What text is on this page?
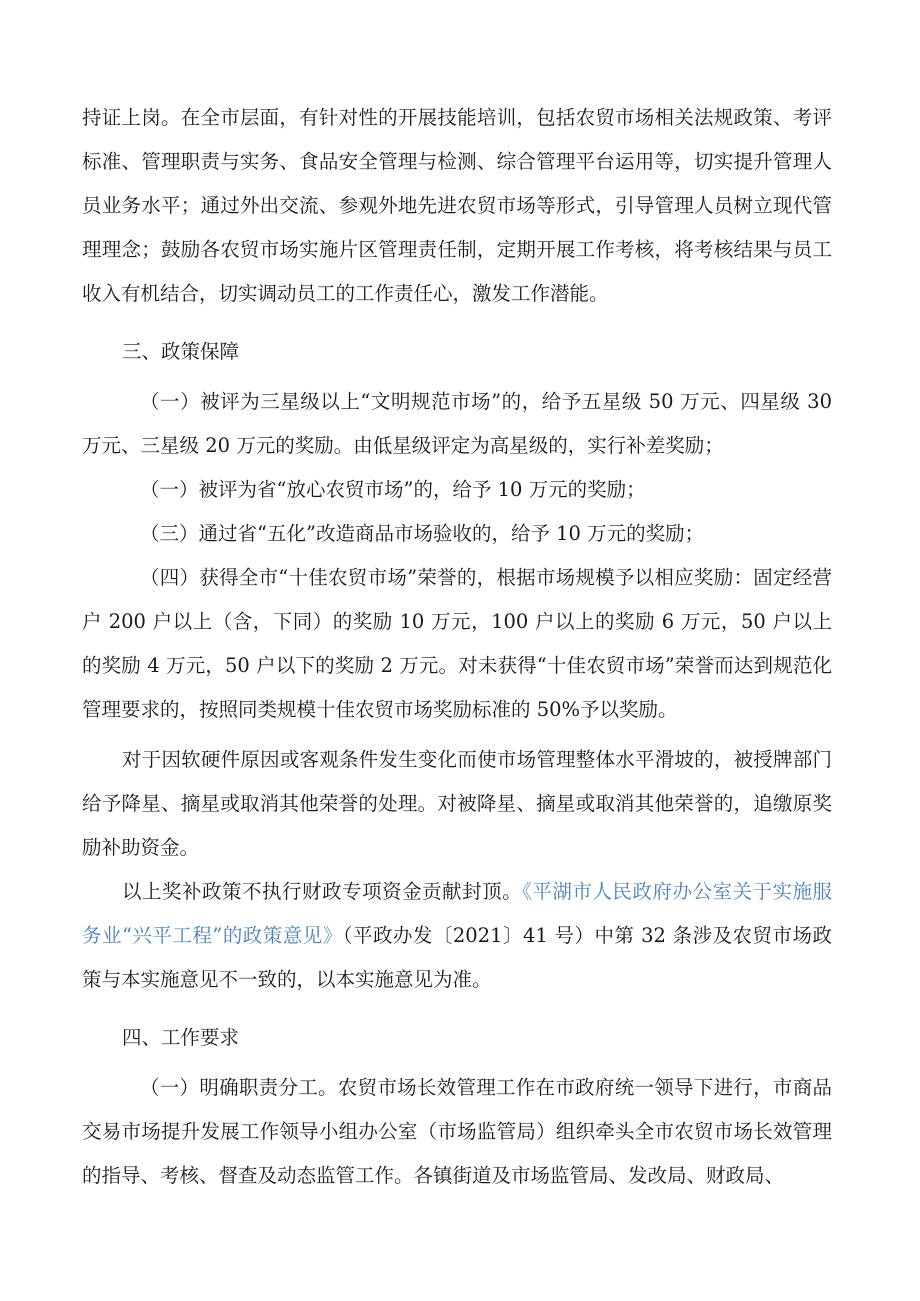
持证上岗。在全市层面，有针对性的开展技能培训，包括农贸市场相关法规政策、考评标准、管理职责与实务、食品安全管理与检测、综合管理平台运用等，切实提升管理人员业务水平；通过外出交流、参观外地先进农贸市场等形式，引导管理人员树立现代管理理念；鼓励各农贸市场实施片区管理责任制，定期开展工作考核，将考核结果与员工收入有机结合，切实调动员工的工作责任心，激发工作潜能。

三、政策保障

（一）被评为三星级以上“文明规范市场”的，给予五星级 50 万元、四星级 30 万元、三星级 20 万元的奖励。由低星级评定为高星级的，实行补差奖励；

（一）被评为省“放心农贸市场”的，给予 10 万元的奖励；

（三）通过省“五化”改造商品市场验收的，给予 10 万元的奖励；

（四）获得全市“十佳农贸市场”荣誉的，根据市场规模予以相应奖励：固定经营户 200 户以上（含，下同）的奖励 10 万元，100 户以上的奖励 6 万元，50 户以上的奖励 4 万元，50 户以下的奖励 2 万元。对未获得“十佳农贸市场”荣誉而达到规范化管理要求的，按照同类规模十佳农贸市场奖励标准的 50%予以奖励。

对于因软硬件原因或客观条件发生变化而使市场管理整体水平滑坡的，被授牌部门给予降星、摘星或取消其他荣誉的处理。对被降星、摘星或取消其他荣誉的，追缴原奖励补助资金。

以上奖补政策不执行财政专项资金贡献封顶。《平湖市人民政府办公室关于实施服务业“兴平工程”的政策意见》（平政办发〔2021〕41 号）中第 32 条涉及农贸市场政策与本实施意见不一致的，以本实施意见为准。

四、工作要求

（一）明确职责分工。农贸市场长效管理工作在市政府统一领导下进行，市商品交易市场提升发展工作领导小组办公室（市场监管局）组织牵头全市农贸市场长效管理的指导、考核、督查及动态监管工作。各镇街道及市场监管局、发改局、财政局、
